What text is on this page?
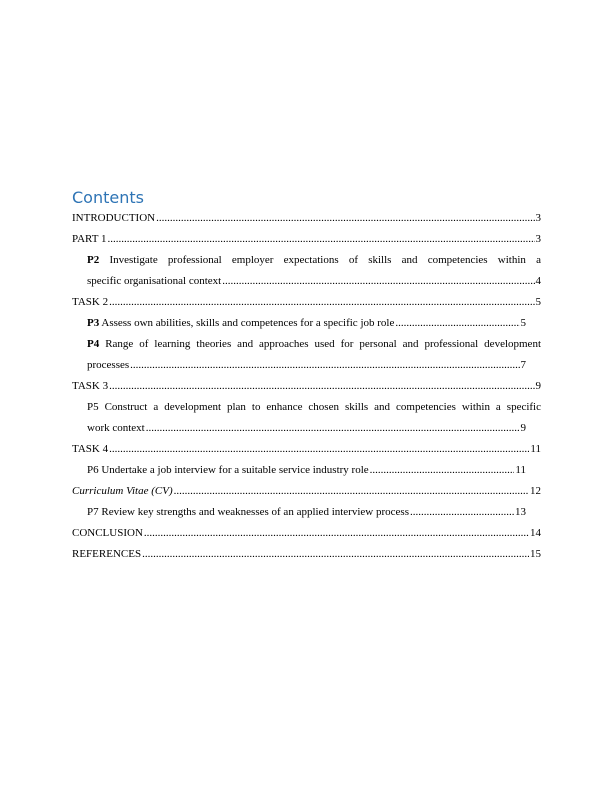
Contents
INTRODUCTION .....	3
PART 1 .....	3
P2 Investigate professional employer expectations of skills and competencies within a
specific organisational context .....	4
TASK 2 .....	5
P3 Assess own abilities, skills and competences for a specific job role .....	5
P4 Range of learning theories and approaches used for personal and professional development
processes .....	7
TASK 3 .....	9
P5 Construct a development plan to enhance chosen skills and competencies within a specific
work context .....	9
TASK 4 .....	11
P6 Undertake a job interview for a suitable service industry role .....	11
Curriculum Vitae (CV) .....	12
P7 Review key strengths and weaknesses of an applied interview process .....	13
CONCLUSION .....	14
REFERENCES .....	15
